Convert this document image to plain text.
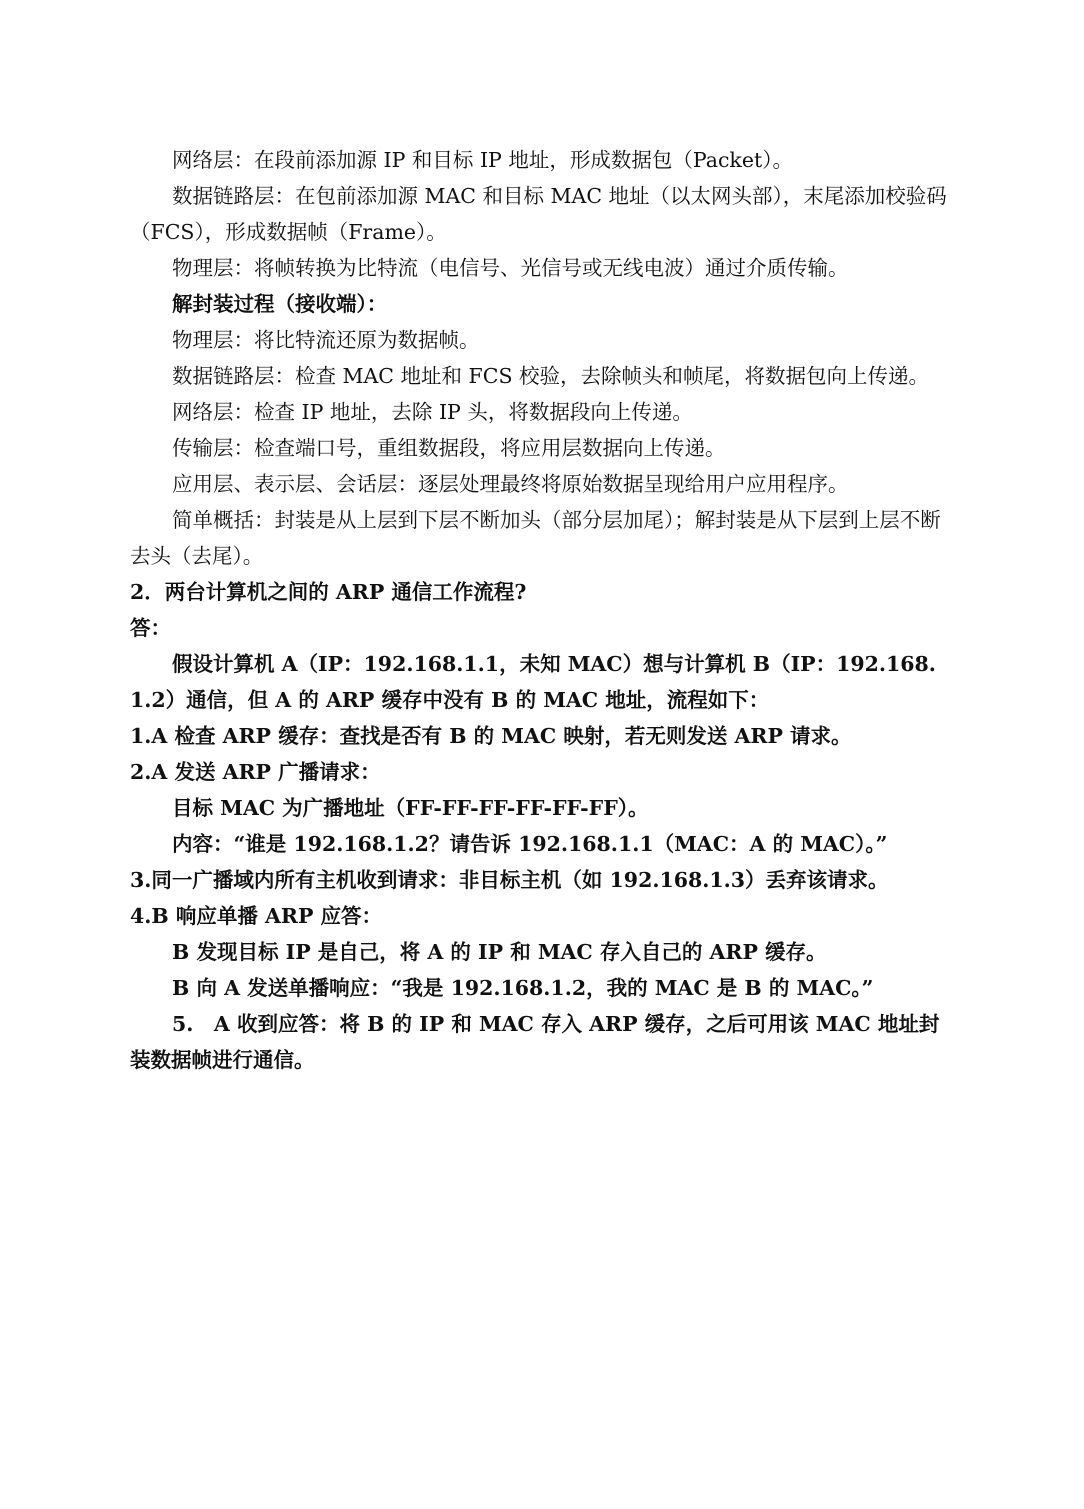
网络层：在段前添加源 IP 和目标 IP 地址，形成数据包（Packet）。

数据链路层：在包前添加源 MAC 和目标 MAC 地址（以太网头部），末尾添加校验码（FCS），形成数据帧（Frame）。

物理层：将帧转换为比特流（电信号、光信号或无线电波）通过介质传输。

解封装过程（接收端）：

物理层：将比特流还原为数据帧。

数据链路层：检查 MAC 地址和 FCS 校验，去除帧头和帧尾，将数据包向上传递。

网络层：检查 IP 地址，去除 IP 头，将数据段向上传递。

传输层：检查端口号，重组数据段，将应用层数据向上传递。

应用层、表示层、会话层：逐层处理最终将原始数据呈现给用户应用程序。

简单概括：封装是从上层到下层不断加头（部分层加尾）；解封装是从下层到上层不断去头（去尾）。

2．两台计算机之间的 ARP 通信工作流程?

答：

假设计算机 A（IP：192.168.1.1，未知 MAC）想与计算机 B（IP：192.168.1.2）通信，但 A 的 ARP 缓存中没有 B 的 MAC 地址，流程如下：

1.A 检查 ARP 缓存：查找是否有 B 的 MAC 映射，若无则发送 ARP 请求。

2.A 发送 ARP 广播请求：

目标 MAC 为广播地址（FF-FF-FF-FF-FF-FF）。

内容：“谁是 192.168.1.2？请告诉 192.168.1.1（MAC：A 的 MAC）。”

3.同一广播域内所有主机收到请求：非目标主机（如 192.168.1.3）丢弃该请求。

4.B 响应单播 ARP 应答：

B 发现目标 IP 是自己，将 A 的 IP 和 MAC 存入自己的 ARP 缓存。

B 向 A 发送单播响应：“我是 192.168.1.2，我的 MAC 是 B 的 MAC。”

5.　A 收到应答：将 B 的 IP 和 MAC 存入 ARP 缓存，之后可用该 MAC 地址封装数据帧进行通信。
